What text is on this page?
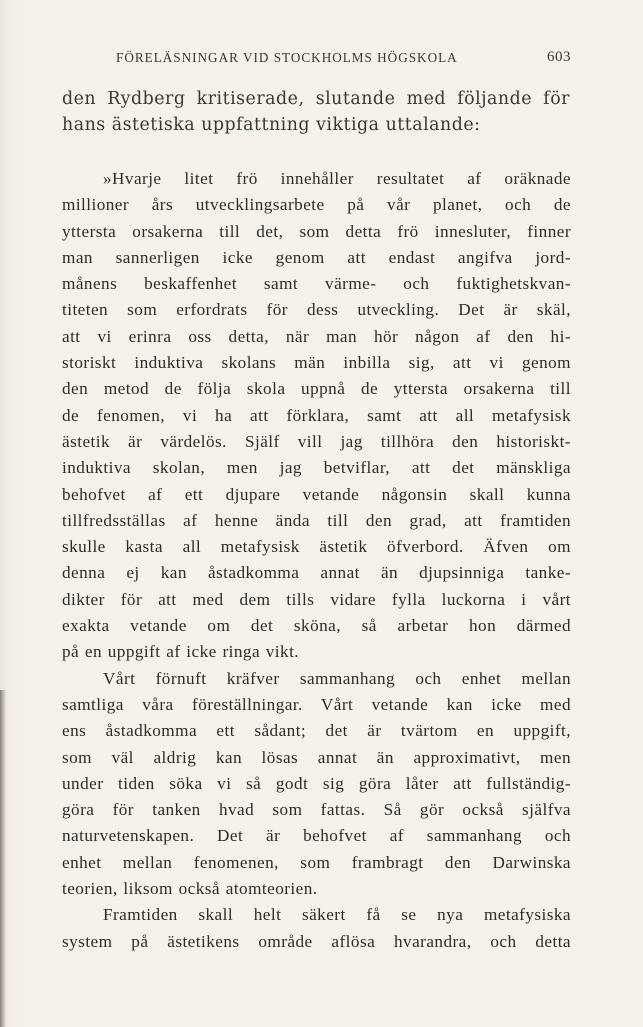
FÖRELÄSNINGAR VID STOCKHOLMS HÖGSKOLA	603
den Rydberg kritiserade, slutande med följande för
hans ästetiska uppfattning viktiga uttalande:
»Hvarje litet frö innehåller resultatet af oräknade
millioner års utvecklingsarbete på vår planet, och de
yttersta orsakerna till det, som detta frö innesluter, finner
man sannerligen icke genom att endast angifva jord-
månens beskaffenhet samt värme- och fuktighetskvan-
titeten som erfordrats för dess utveckling. Det är skäl,
att vi erinra oss detta, när man hör någon af den hi-
storiskt induktiva skolans män inbilla sig, att vi genom
den metod de följa skola uppnå de yttersta orsakerna till
de fenomen, vi ha att förklara, samt att all metafysisk
ästetik är värdelös. Själf vill jag tillhöra den historiskt-
induktiva skolan, men jag betviflar, att det mänskliga
behofvet af ett djupare vetande någonsin skall kunna
tillfredsställas af henne ända till den grad, att framtiden
skulle kasta all metafysisk ästetik öfverbord. Äfven om
denna ej kan åstadkomma annat än djupsinniga tanke-
dikter för att med dem tills vidare fylla luckorna i vårt
exakta vetande om det sköna, så arbetar hon därmed
på en uppgift af icke ringa vikt.
Vårt förnuft kräfver sammanhang och enhet mellan
samtliga våra föreställningar. Vårt vetande kan icke med
ens åstadkomma ett sådant; det är tvärtom en uppgift,
som väl aldrig kan lösas annat än approximativt, men
under tiden söka vi så godt sig göra låter att fullständig-
göra för tanken hvad som fattas. Så gör också själfva
naturvetenskapen. Det är behofvet af sammanhang och
enhet mellan fenomenen, som frambragt den Darwinska
teorien, liksom också atomteorien.
Framtiden skall helt säkert få se nya metafysiska
system på ästetikens område aflösa hvarandra, och detta
